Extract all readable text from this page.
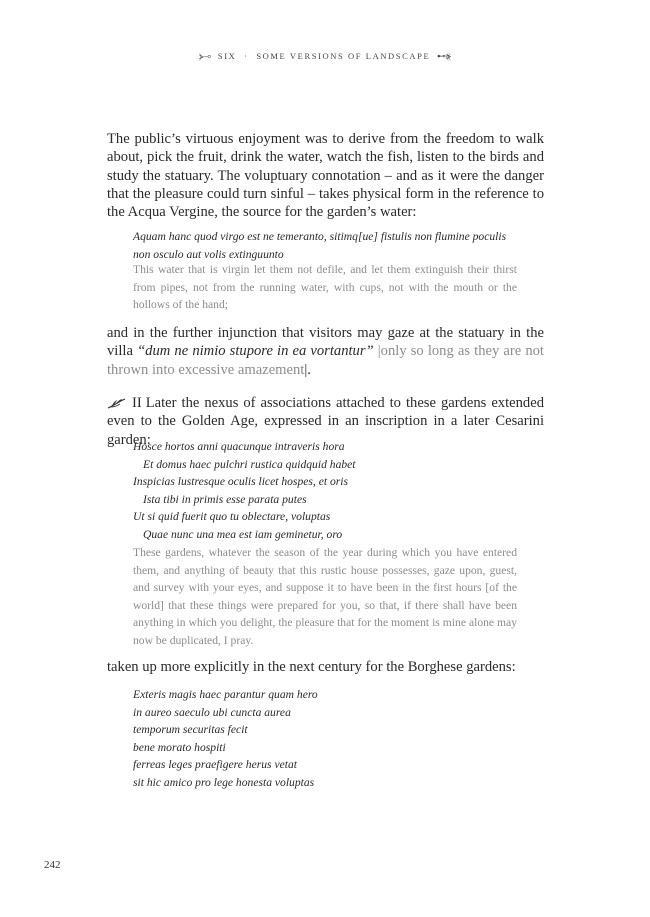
⦔⊸ SIX · SOME VERSIONS OF LANDSCAPE ⊷⦕
The public’s virtuous enjoyment was to derive from the freedom to walk about, pick the fruit, drink the water, watch the fish, listen to the birds and study the statuary. The voluptuary connotation – and as it were the danger that the pleasure could turn sinful – takes physical form in the reference to the Acqua Vergine, the source for the garden’s water:
Aquam hanc quod virgo est ne temeranto, sitimq[ue] fistulis non flumine poculis
non osculo aut volis extinguunto
This water that is virgin let them not defile, and let them extinguish their thirst from pipes, not from the running water, with cups, not with the mouth or the hollows of the hand;
and in the further injunction that visitors may gaze at the statuary in the villa “dum ne nimio stupore in ea vortantur” |only so long as they are not thrown into excessive amazement|.
II Later the nexus of associations attached to these gardens extended even to the Golden Age, expressed in an inscription in a later Cesarini garden:
Hosce hortos anni quacunque intraveris hora
Et domus haec pulchri rustica quidquid habet
Inspicias lustresque oculis licet hospes, et oris
Ista tibi in primis esse parata putes
Ut si quid fuerit quo tu oblectare, voluptas
Quae nunc una mea est iam geminetur, oro
These gardens, whatever the season of the year during which you have entered them, and anything of beauty that this rustic house possesses, gaze upon, guest, and survey with your eyes, and suppose it to have been in the first hours [of the world] that these things were prepared for you, so that, if there shall have been anything in which you delight, the pleasure that for the moment is mine alone may now be duplicated, I pray.
taken up more explicitly in the next century for the Borghese gardens:
Exteris magis haec parantur quam hero
in aureo saeculo ubi cuncta aurea
temporum securitas fecit
bene morato hospiti
ferreas leges praefigere herus vetat
sit hic amico pro lege honesta voluptas
242
